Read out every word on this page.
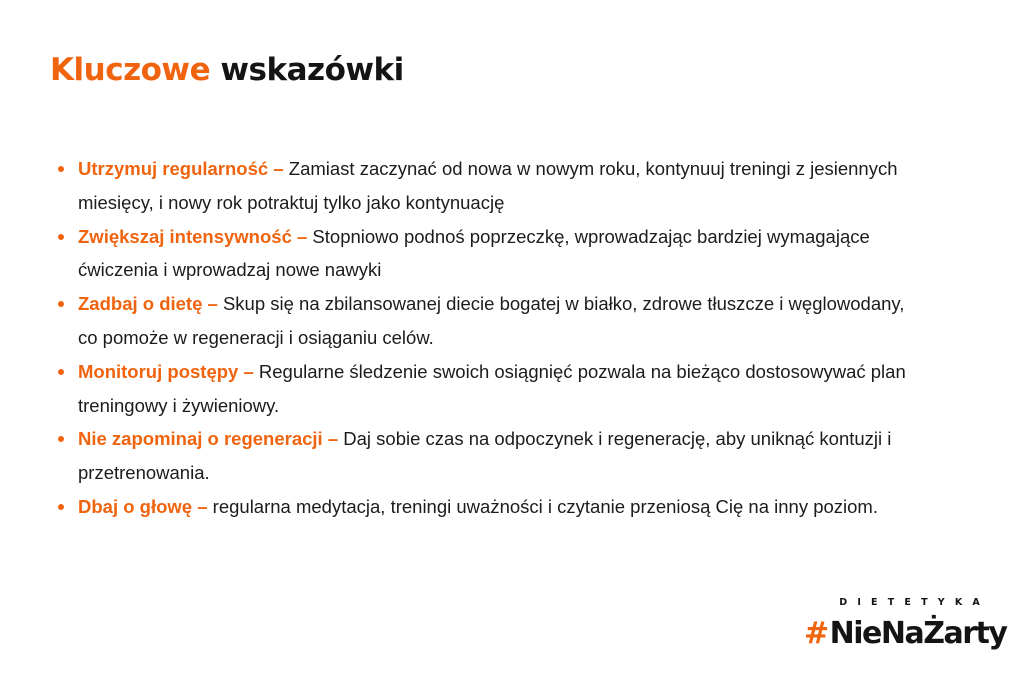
Kluczowe wskazówki
Utrzymuj regularność – Zamiast zaczynać od nowa w nowym roku, kontynuuj treningi z jesiennych miesięcy, i nowy rok potraktuj tylko jako kontynuację
Zwiększaj intensywność – Stopniowo podnoś poprzeczkę, wprowadzając bardziej wymagające ćwiczenia i wprowadzaj nowe nawyki
Zadbaj o dietę – Skup się na zbilansowanej diecie bogatej w białko, zdrowe tłuszcze i węglowodany, co pomoże w regeneracji i osiąganiu celów.
Monitoruj postępy – Regularne śledzenie swoich osiągnięć pozwala na bieżąco dostosowywać plan treningowy i żywieniowy.
Nie zapominaj o regeneracji – Daj sobie czas na odpoczynek i regenerację, aby uniknąć kontuzji i przetrenowania.
Dbaj o głowę – regularna medytacja, treningi uważności i czytanie przeniosą Cię na inny poziom.
DIETETYKA
#NieNaŻarty
